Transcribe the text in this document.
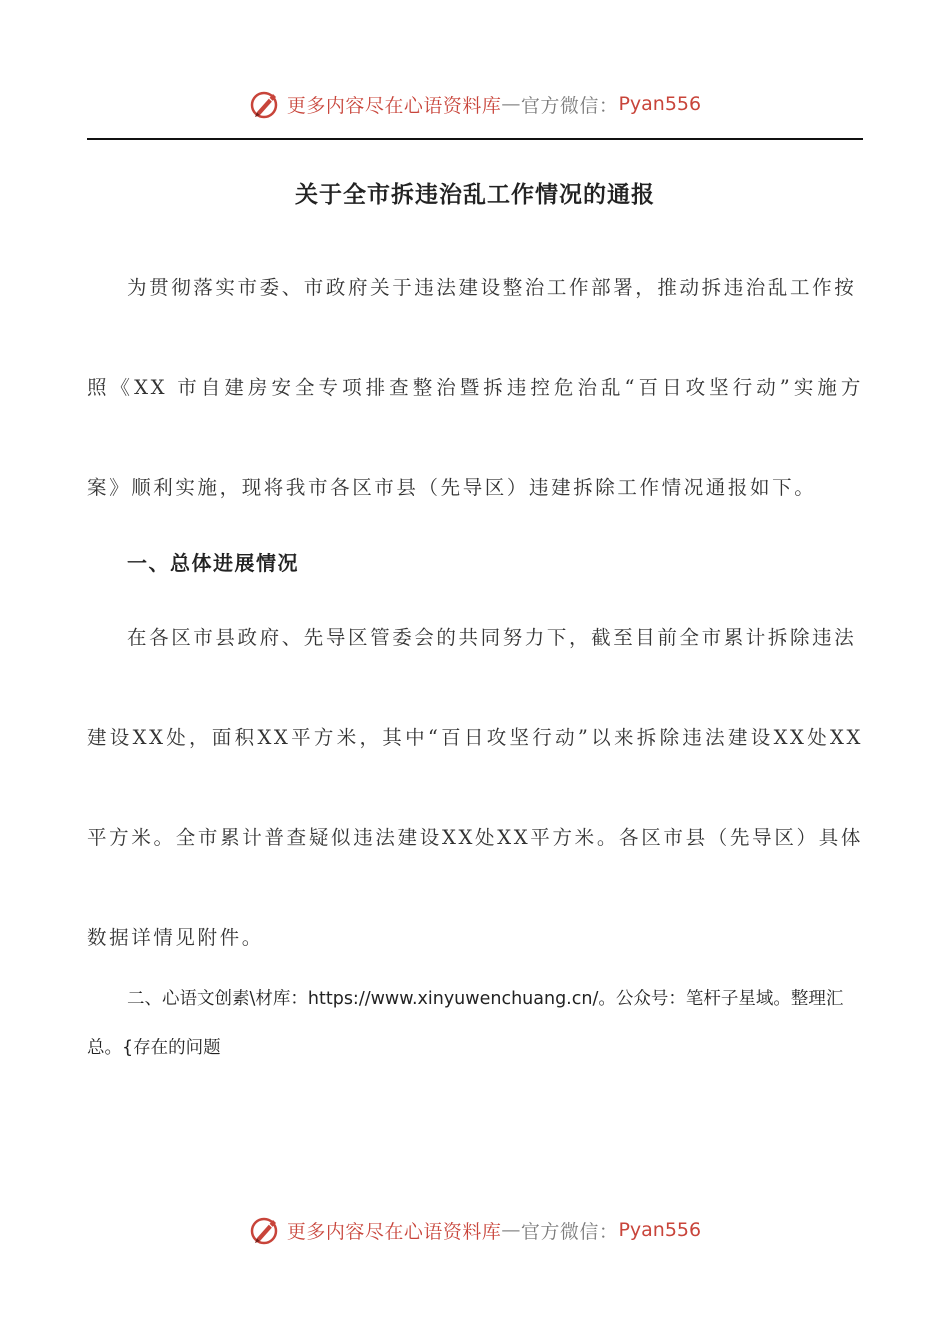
更多内容尽在心语资料库 — 官方微信： Pyan556
关于全市拆违治乱工作情况的通报
为贯彻落实市委、市政府关于违法建设整治工作部署，推动拆违治乱工作按
照《XX 市自建房安全专项排查整治暨拆违控危治乱“百日攻坚行动”实施方
案》顺利实施，现将我市各区市县（先导区）违建拆除工作情况通报如下。
一、总体进展情况
在各区市县政府、先导区管委会的共同努力下，截至目前全市累计拆除违法
建设XX处，面积XX平方米，其中“百日攻坚行动”以来拆除违法建设XX处XX
平方米。全市累计普查疑似违法建设XX处XX平方米。各区市县（先导区）具体
数据详情见附件。
二、心语文创素\材库：https://www.xinyuwenchuang.cn/。公众号：笔杆子星域。整理汇
总。{存在的问题
更多内容尽在心语资料库 — 官方微信： Pyan556
